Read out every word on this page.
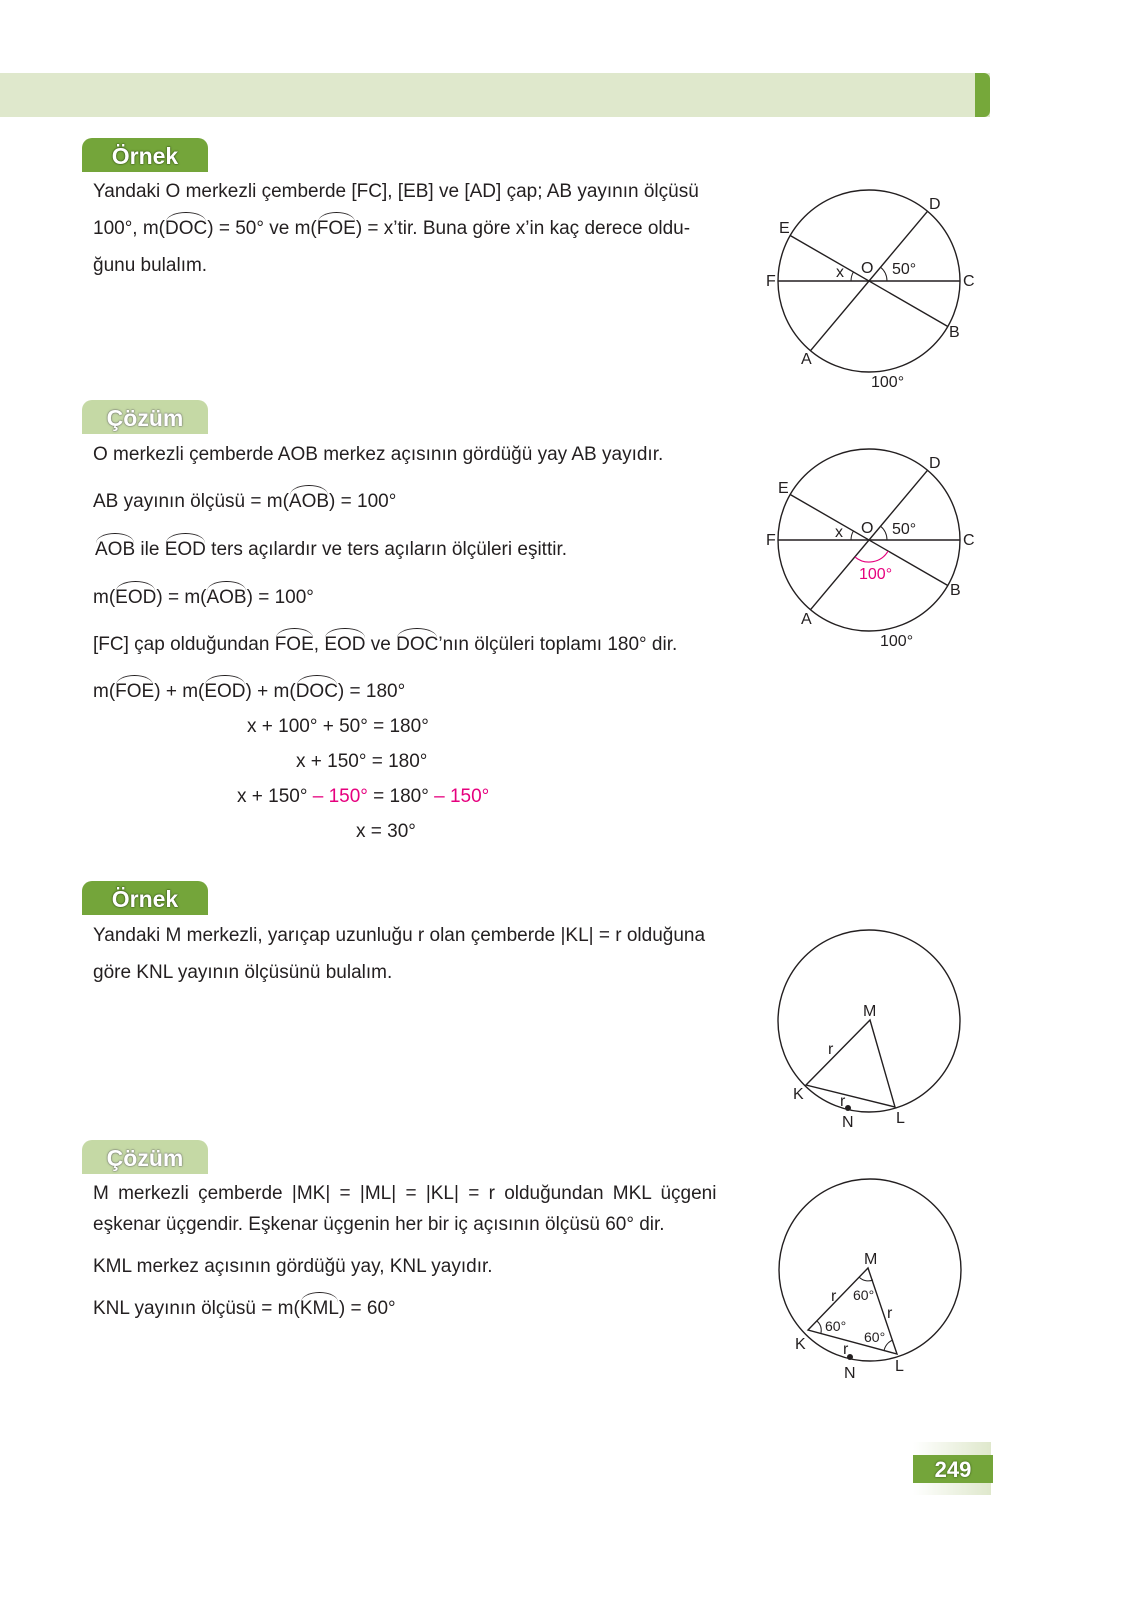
Örnek
Yandaki O merkezli çemberde [FC], [EB] ve [AD] çap; AB yayının ölçüsü
100°, m(DOC) = 50° ve m(FOE) = x’tir. Buna göre x’in kaç derece oldu-
ğunu bulalım.
Çözüm
O merkezli çemberde AOB merkez açısının gördüğü yay AB yayıdır.
AB yayının ölçüsü = m(AOB) = 100°
AOB ile EOD ters açılardır ve ters açıların ölçüleri eşittir.
m(EOD) = m(AOB) = 100°
[FC] çap olduğundan FOE, EOD ve DOC’nın ölçüleri toplamı 180° dir.
m(FOE) + m(EOD) + m(DOC) = 180°
x + 100° + 50° = 180°
x + 150° = 180°
x + 150° – 150° = 180° – 150°
x = 30°
Örnek
Yandaki M merkezli, yarıçap uzunluğu r olan çemberde |KL| = r olduğuna
göre KNL yayının ölçüsünü bulalım.
Çözüm
M merkezli çemberde |MK| = |ML| = |KL| = r olduğundan MKL üçgeni
eşkenar üçgendir. Eşkenar üçgenin her bir iç açısının ölçüsü 60° dir.
KML merkez açısının gördüğü yay, KNL yayıdır.
KNL yayının ölçüsü = m(KML) = 60°
D
E
F	C
O
B
A
x	50°
100°
D
E
F	C
O
B
A
x	50°
100°
100°
M
K
L
N
r
r
M
K
L
N
r
r
r
60°
60°
60°
249
